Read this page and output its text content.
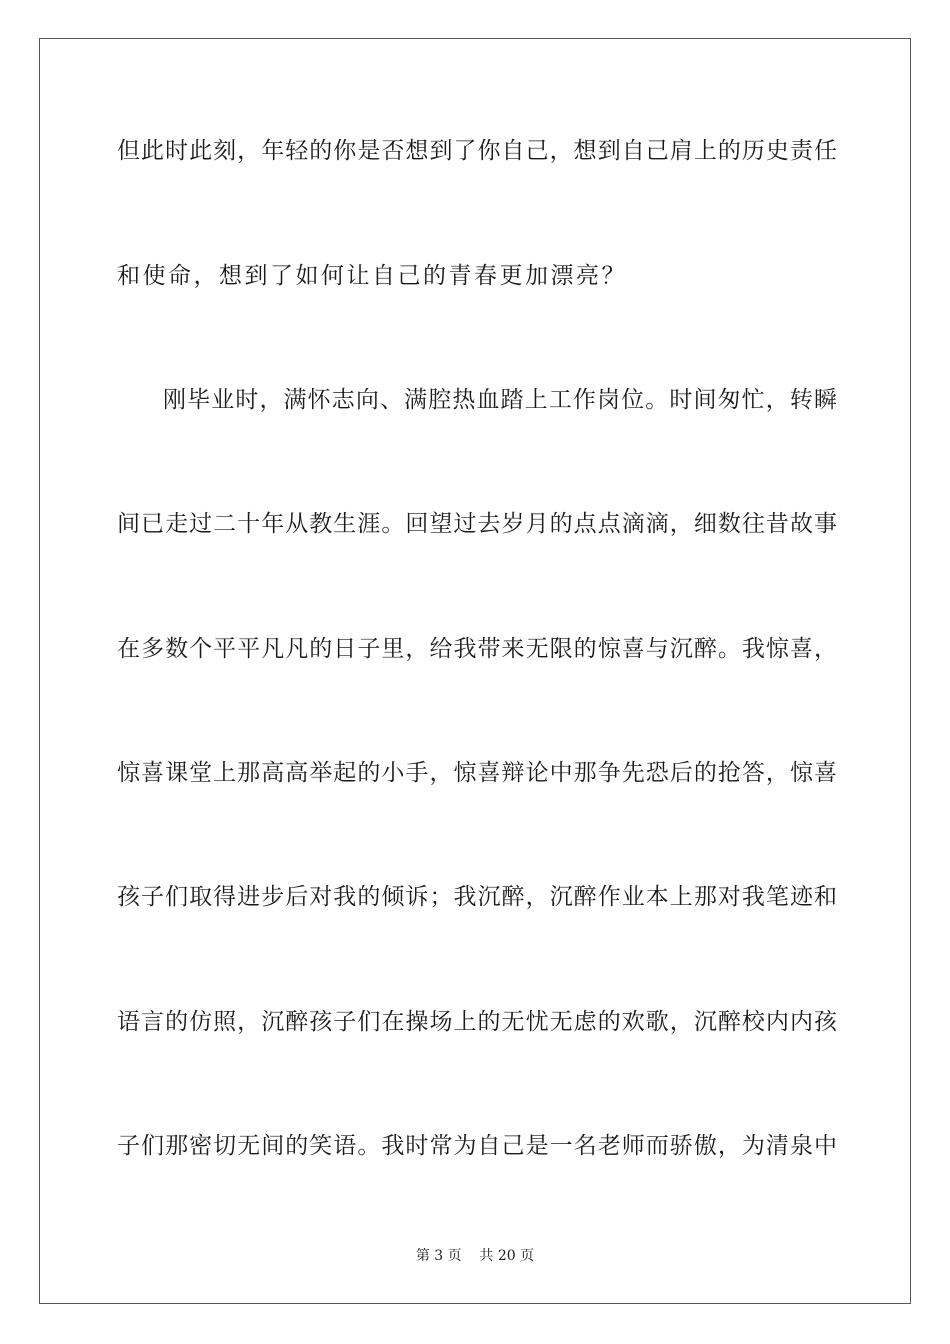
但此时此刻，年轻的你是否想到了你自己，想到自己肩上的历史责任
和使命，想到了如何让自己的青春更加漂亮？
刚毕业时，满怀志向、满腔热血踏上工作岗位。时间匆忙，转瞬
间已走过二十年从教生涯。回望过去岁月的点点滴滴，细数往昔故事
在多数个平平凡凡的日子里，给我带来无限的惊喜与沉醉。我惊喜，
惊喜课堂上那高高举起的小手，惊喜辩论中那争先恐后的抢答，惊喜
孩子们取得进步后对我的倾诉；我沉醉，沉醉作业本上那对我笔迹和
语言的仿照，沉醉孩子们在操场上的无忧无虑的欢歌，沉醉校内内孩
子们那密切无间的笑语。我时常为自己是一名老师而骄傲，为清泉中
第 3 页    共 20 页
